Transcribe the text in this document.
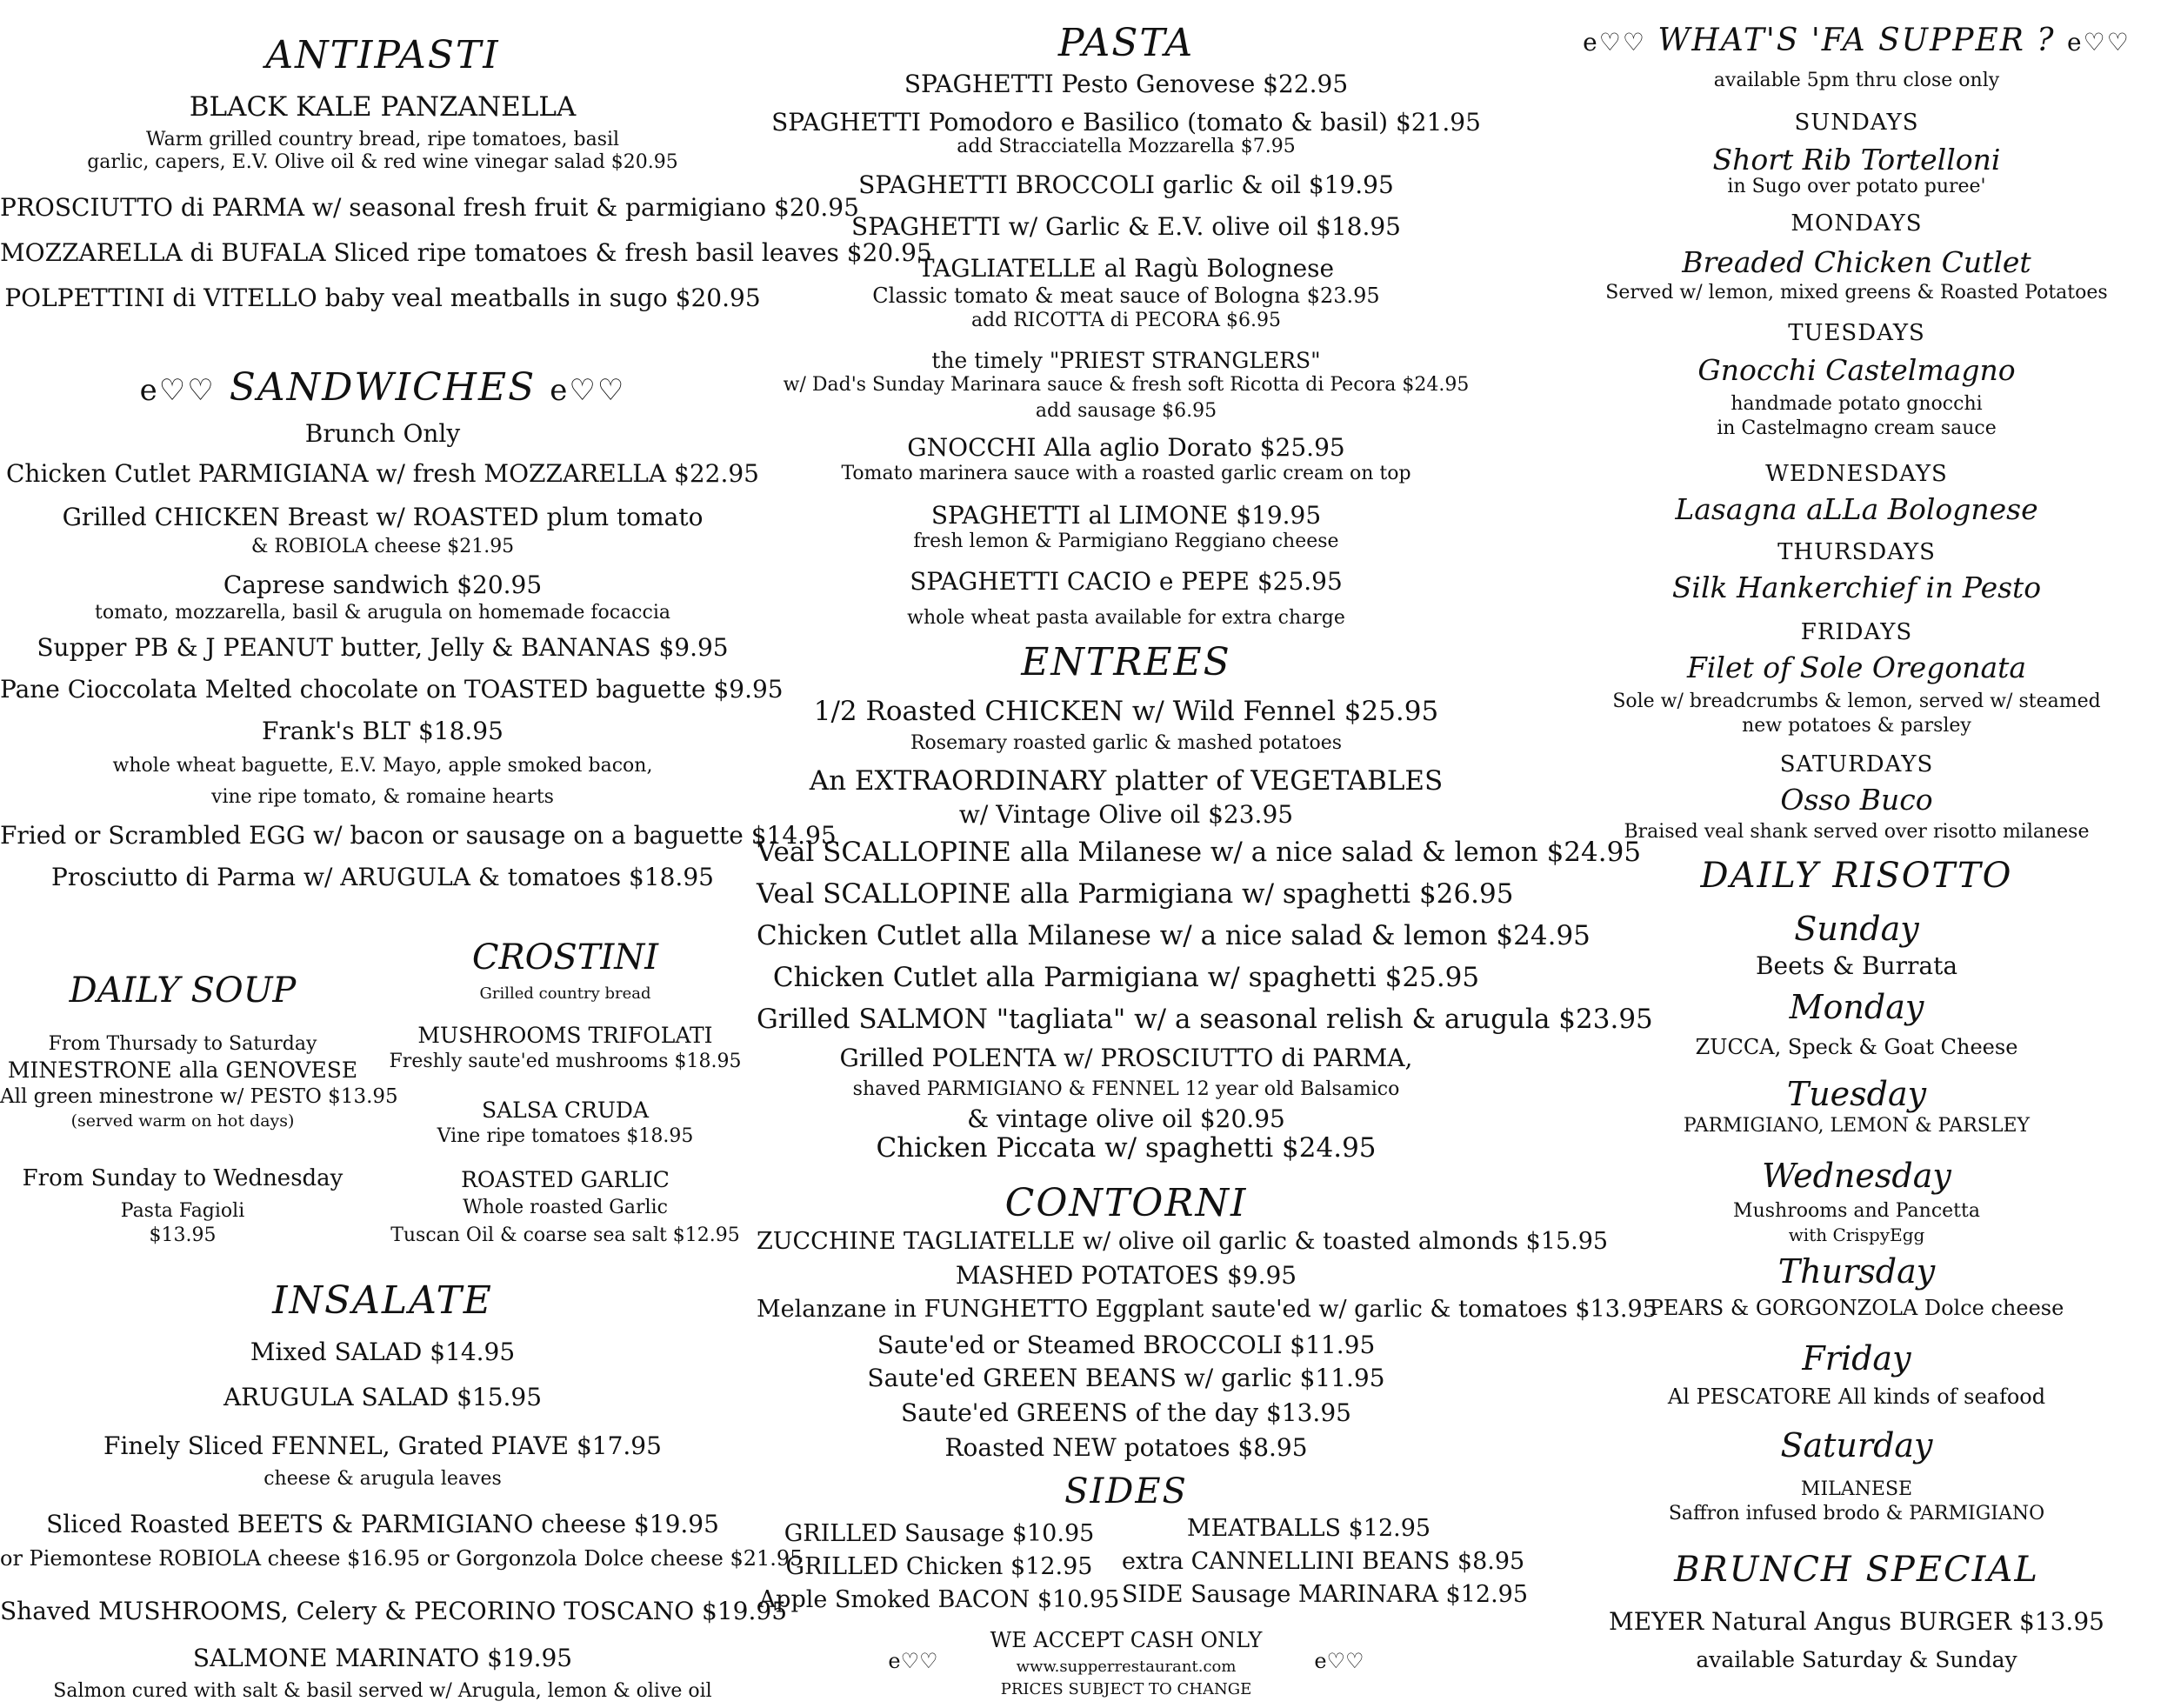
ANTIPASTI
BLACK KALE PANZANELLA
Warm grilled country bread, ripe tomatoes, basil
garlic, capers, E.V. Olive oil & red wine vinegar salad $20.95
PROSCIUTTO di PARMA w/ seasonal fresh fruit & parmigiano $20.95
MOZZARELLA di BUFALA Sliced ripe tomatoes & fresh basil leaves $20.95
POLPETTINI di VITELLO baby veal meatballs in sugo $20.95
e♡♡ SANDWICHES e♡♡
Brunch Only
Chicken Cutlet PARMIGIANA w/ fresh MOZZARELLA $22.95
Grilled CHICKEN Breast w/ ROASTED plum tomato
& ROBIOLA cheese $21.95
Caprese sandwich $20.95
tomato, mozzarella, basil & arugula on homemade focaccia
Supper PB & J PEANUT butter, Jelly & BANANAS $9.95
Pane Cioccolata Melted chocolate on TOASTED baguette $9.95
Frank's BLT $18.95
whole wheat baguette, E.V. Mayo, apple smoked bacon,
vine ripe tomato, & romaine hearts
Fried or Scrambled EGG w/ bacon or sausage on a baguette $14.95
Prosciutto di Parma w/ ARUGULA & tomatoes $18.95
DAILY SOUP
From Thursady to Saturday
MINESTRONE alla GENOVESE
All green minestrone w/ PESTO $13.95
(served warm on hot days)
From Sunday to Wednesday
Pasta Fagioli
$13.95
CROSTINI
Grilled country bread
MUSHROOMS TRIFOLATI
Freshly saute'ed mushrooms $18.95
SALSA CRUDA
Vine ripe tomatoes $18.95
ROASTED GARLIC
Whole roasted Garlic
Tuscan Oil & coarse sea salt $12.95
INSALATE
Mixed SALAD $14.95
ARUGULA SALAD $15.95
Finely Sliced FENNEL, Grated PIAVE $17.95
cheese & arugula leaves
Sliced Roasted BEETS & PARMIGIANO cheese $19.95
or Piemontese ROBIOLA cheese $16.95 or Gorgonzola Dolce cheese $21.95
Shaved MUSHROOMS, Celery & PECORINO TOSCANO $19.95
SALMONE MARINATO $19.95
Salmon cured with salt & basil served w/ Arugula, lemon & olive oil
PASTA
SPAGHETTI Pesto Genovese $22.95
SPAGHETTI Pomodoro e Basilico (tomato & basil) $21.95
add Stracciatella Mozzarella $7.95
SPAGHETTI BROCCOLI garlic & oil $19.95
SPAGHETTI w/ Garlic & E.V. olive oil $18.95
TAGLIATELLE al Ragù Bolognese
Classic tomato & meat sauce of Bologna $23.95
add RICOTTA di PECORA $6.95
the timely "PRIEST STRANGLERS"
w/ Dad's Sunday Marinara sauce & fresh soft Ricotta di Pecora $24.95
add sausage $6.95
GNOCCHI Alla aglio Dorato $25.95
Tomato marinera sauce with a roasted garlic cream on top
SPAGHETTI al LIMONE $19.95
fresh lemon & Parmigiano Reggiano cheese
SPAGHETTI CACIO e PEPE $25.95
whole wheat pasta available for extra charge
ENTREES
1/2 Roasted CHICKEN w/ Wild Fennel $25.95
Rosemary roasted garlic & mashed potatoes
An EXTRAORDINARY platter of VEGETABLES
w/ Vintage Olive oil $23.95
Veal SCALLOPINE alla Milanese w/ a nice salad & lemon $24.95
Veal SCALLOPINE alla Parmigiana w/ spaghetti $26.95
Chicken Cutlet alla Milanese w/ a nice salad & lemon $24.95
Chicken Cutlet alla Parmigiana w/ spaghetti $25.95
Grilled SALMON "tagliata" w/ a seasonal relish & arugula $23.95
Grilled POLENTA w/ PROSCIUTTO di PARMA,
shaved PARMIGIANO & FENNEL 12 year old Balsamico
& vintage olive oil $20.95
Chicken Piccata w/ spaghetti $24.95
CONTORNI
ZUCCHINE TAGLIATELLE w/ olive oil garlic & toasted almonds $15.95
MASHED POTATOES $9.95
Melanzane in FUNGHETTO Eggplant saute'ed w/ garlic & tomatoes $13.95
Saute'ed or Steamed BROCCOLI $11.95
Saute'ed GREEN BEANS w/ garlic $11.95
Saute'ed GREENS of the day $13.95
Roasted NEW potatoes $8.95
SIDES
GRILLED Sausage $10.95
GRILLED Chicken $12.95
Apple Smoked BACON $10.95
MEATBALLS $12.95
extra CANNELLINI BEANS $8.95
SIDE Sausage MARINARA $12.95
e♡♡
WE ACCEPT CASH ONLY
www.supperrestaurant.com
PRICES SUBJECT TO CHANGE
e♡♡
e♡♡ WHAT'S 'FA SUPPER ? e♡♡
available 5pm thru close only
SUNDAYS
Short Rib Tortelloni
in Sugo over potato puree'
MONDAYS
Breaded Chicken Cutlet
Served w/ lemon, mixed greens & Roasted Potatoes
TUESDAYS
Gnocchi Castelmagno
handmade potato gnocchi
in Castelmagno cream sauce
WEDNESDAYS
Lasagna aLLa Bolognese
THURSDAYS
Silk Hankerchief in Pesto
FRIDAYS
Filet of Sole Oregonata
Sole w/ breadcrumbs & lemon, served w/ steamed
new potatoes & parsley
SATURDAYS
Osso Buco
Braised veal shank served over risotto milanese
DAILY RISOTTO
Sunday
Beets & Burrata
Monday
ZUCCA, Speck & Goat Cheese
Tuesday
PARMIGIANO, LEMON & PARSLEY
Wednesday
Mushrooms and Pancetta
with CrispyEgg
Thursday
PEARS & GORGONZOLA Dolce cheese
Friday
Al PESCATORE All kinds of seafood
Saturday
MILANESE
Saffron infused brodo & PARMIGIANO
BRUNCH SPECIAL
MEYER Natural Angus BURGER $13.95
available Saturday & Sunday
